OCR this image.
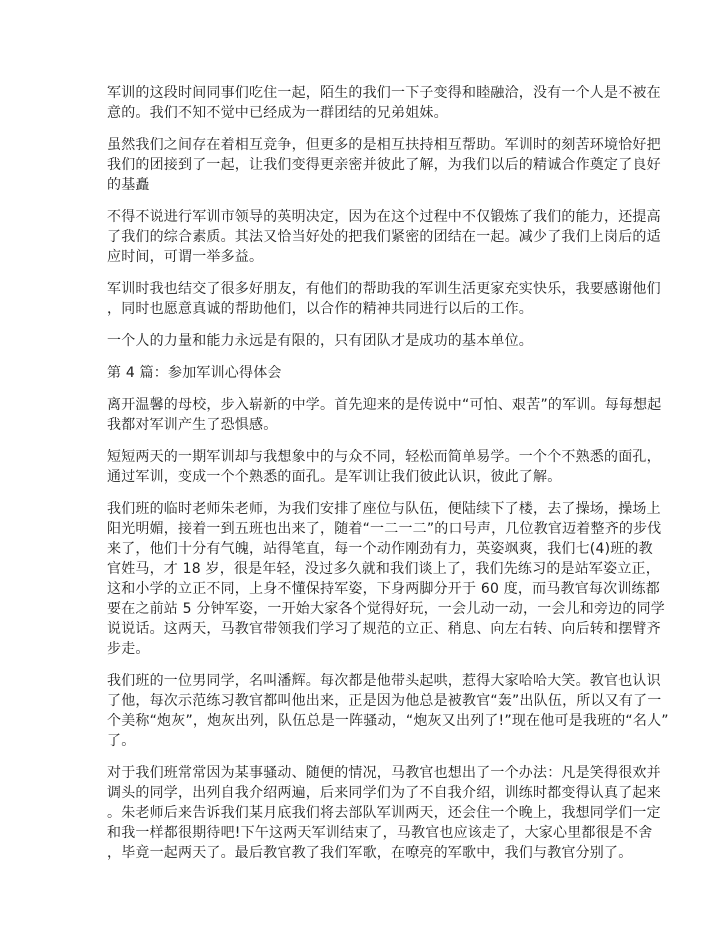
军训的这段时间同事们吃住一起，陌生的我们一下子变得和睦融洽，没有一个人是不被在
意的。我们不知不觉中已经成为一群团结的兄弟姐妹。
虽然我们之间存在着相互竞争，但更多的是相互扶持相互帮助。军训时的刻苦环境恰好把
我们的团接到了一起，让我们变得更亲密并彼此了解，为我们以后的精诚合作奠定了良好
的基矗
不得不说进行军训市领导的英明决定，因为在这个过程中不仅锻炼了我们的能力，还提高
了我们的综合素质。其法又恰当好处的把我们紧密的团结在一起。减少了我们上岗后的适
应时间，可谓一举多益。
军训时我也结交了很多好朋友，有他们的帮助我的军训生活更家充实快乐，我要感谢他们
，同时也愿意真诚的帮助他们，以合作的精神共同进行以后的工作。
一个人的力量和能力永远是有限的，只有团队才是成功的基本单位。
第 4 篇：参加军训心得体会
离开温馨的母校，步入崭新的中学。首先迎来的是传说中“可怕、艰苦”的军训。每每想起
我都对军训产生了恐惧感。
短短两天的一期军训却与我想象中的与众不同，轻松而简单易学。一个个不熟悉的面孔，
通过军训，变成一个个熟悉的面孔。是军训让我们彼此认识，彼此了解。
我们班的临时老师朱老师，为我们安排了座位与队伍，便陆续下了楼，去了操场，操场上
阳光明媚，接着一到五班也出来了，随着“一二一二”的口号声，几位教官迈着整齐的步伐
来了，他们十分有气魄，站得笔直，每一个动作刚劲有力，英姿飒爽，我们七(4)班的教
官姓马，才 18 岁，很是年轻，没过多久就和我们谈上了，我们先练习的是站军姿立正，
这和小学的立正不同，上身不懂保持军姿，下身两脚分开于 60 度，而马教官每次训练都
要在之前站 5 分钟军姿，一开始大家各个觉得好玩，一会儿动一动，一会儿和旁边的同学
说说话。这两天，马教官带领我们学习了规范的立正、稍息、向左右转、向后转和摆臂齐
步走。
我们班的一位男同学，名叫潘辉。每次都是他带头起哄，惹得大家哈哈大笑。教官也认识
了他，每次示范练习教官都叫他出来，正是因为他总是被教官“轰”出队伍，所以又有了一
个美称“炮灰”，炮灰出列，队伍总是一阵骚动，“炮灰又出列了!”现在他可是我班的“名人”
了。
对于我们班常常因为某事骚动、随便的情况，马教官也想出了一个办法：凡是笑得很欢并
调头的同学，出列自我介绍两遍，后来同学们为了不自我介绍，训练时都变得认真了起来
。朱老师后来告诉我们某月底我们将去部队军训两天，还会住一个晚上，我想同学们一定
和我一样都很期待吧!下午这两天军训结束了，马教官也应该走了，大家心里都很是不舍
，毕竟一起两天了。最后教官教了我们军歌，在嘹亮的军歌中，我们与教官分别了。
